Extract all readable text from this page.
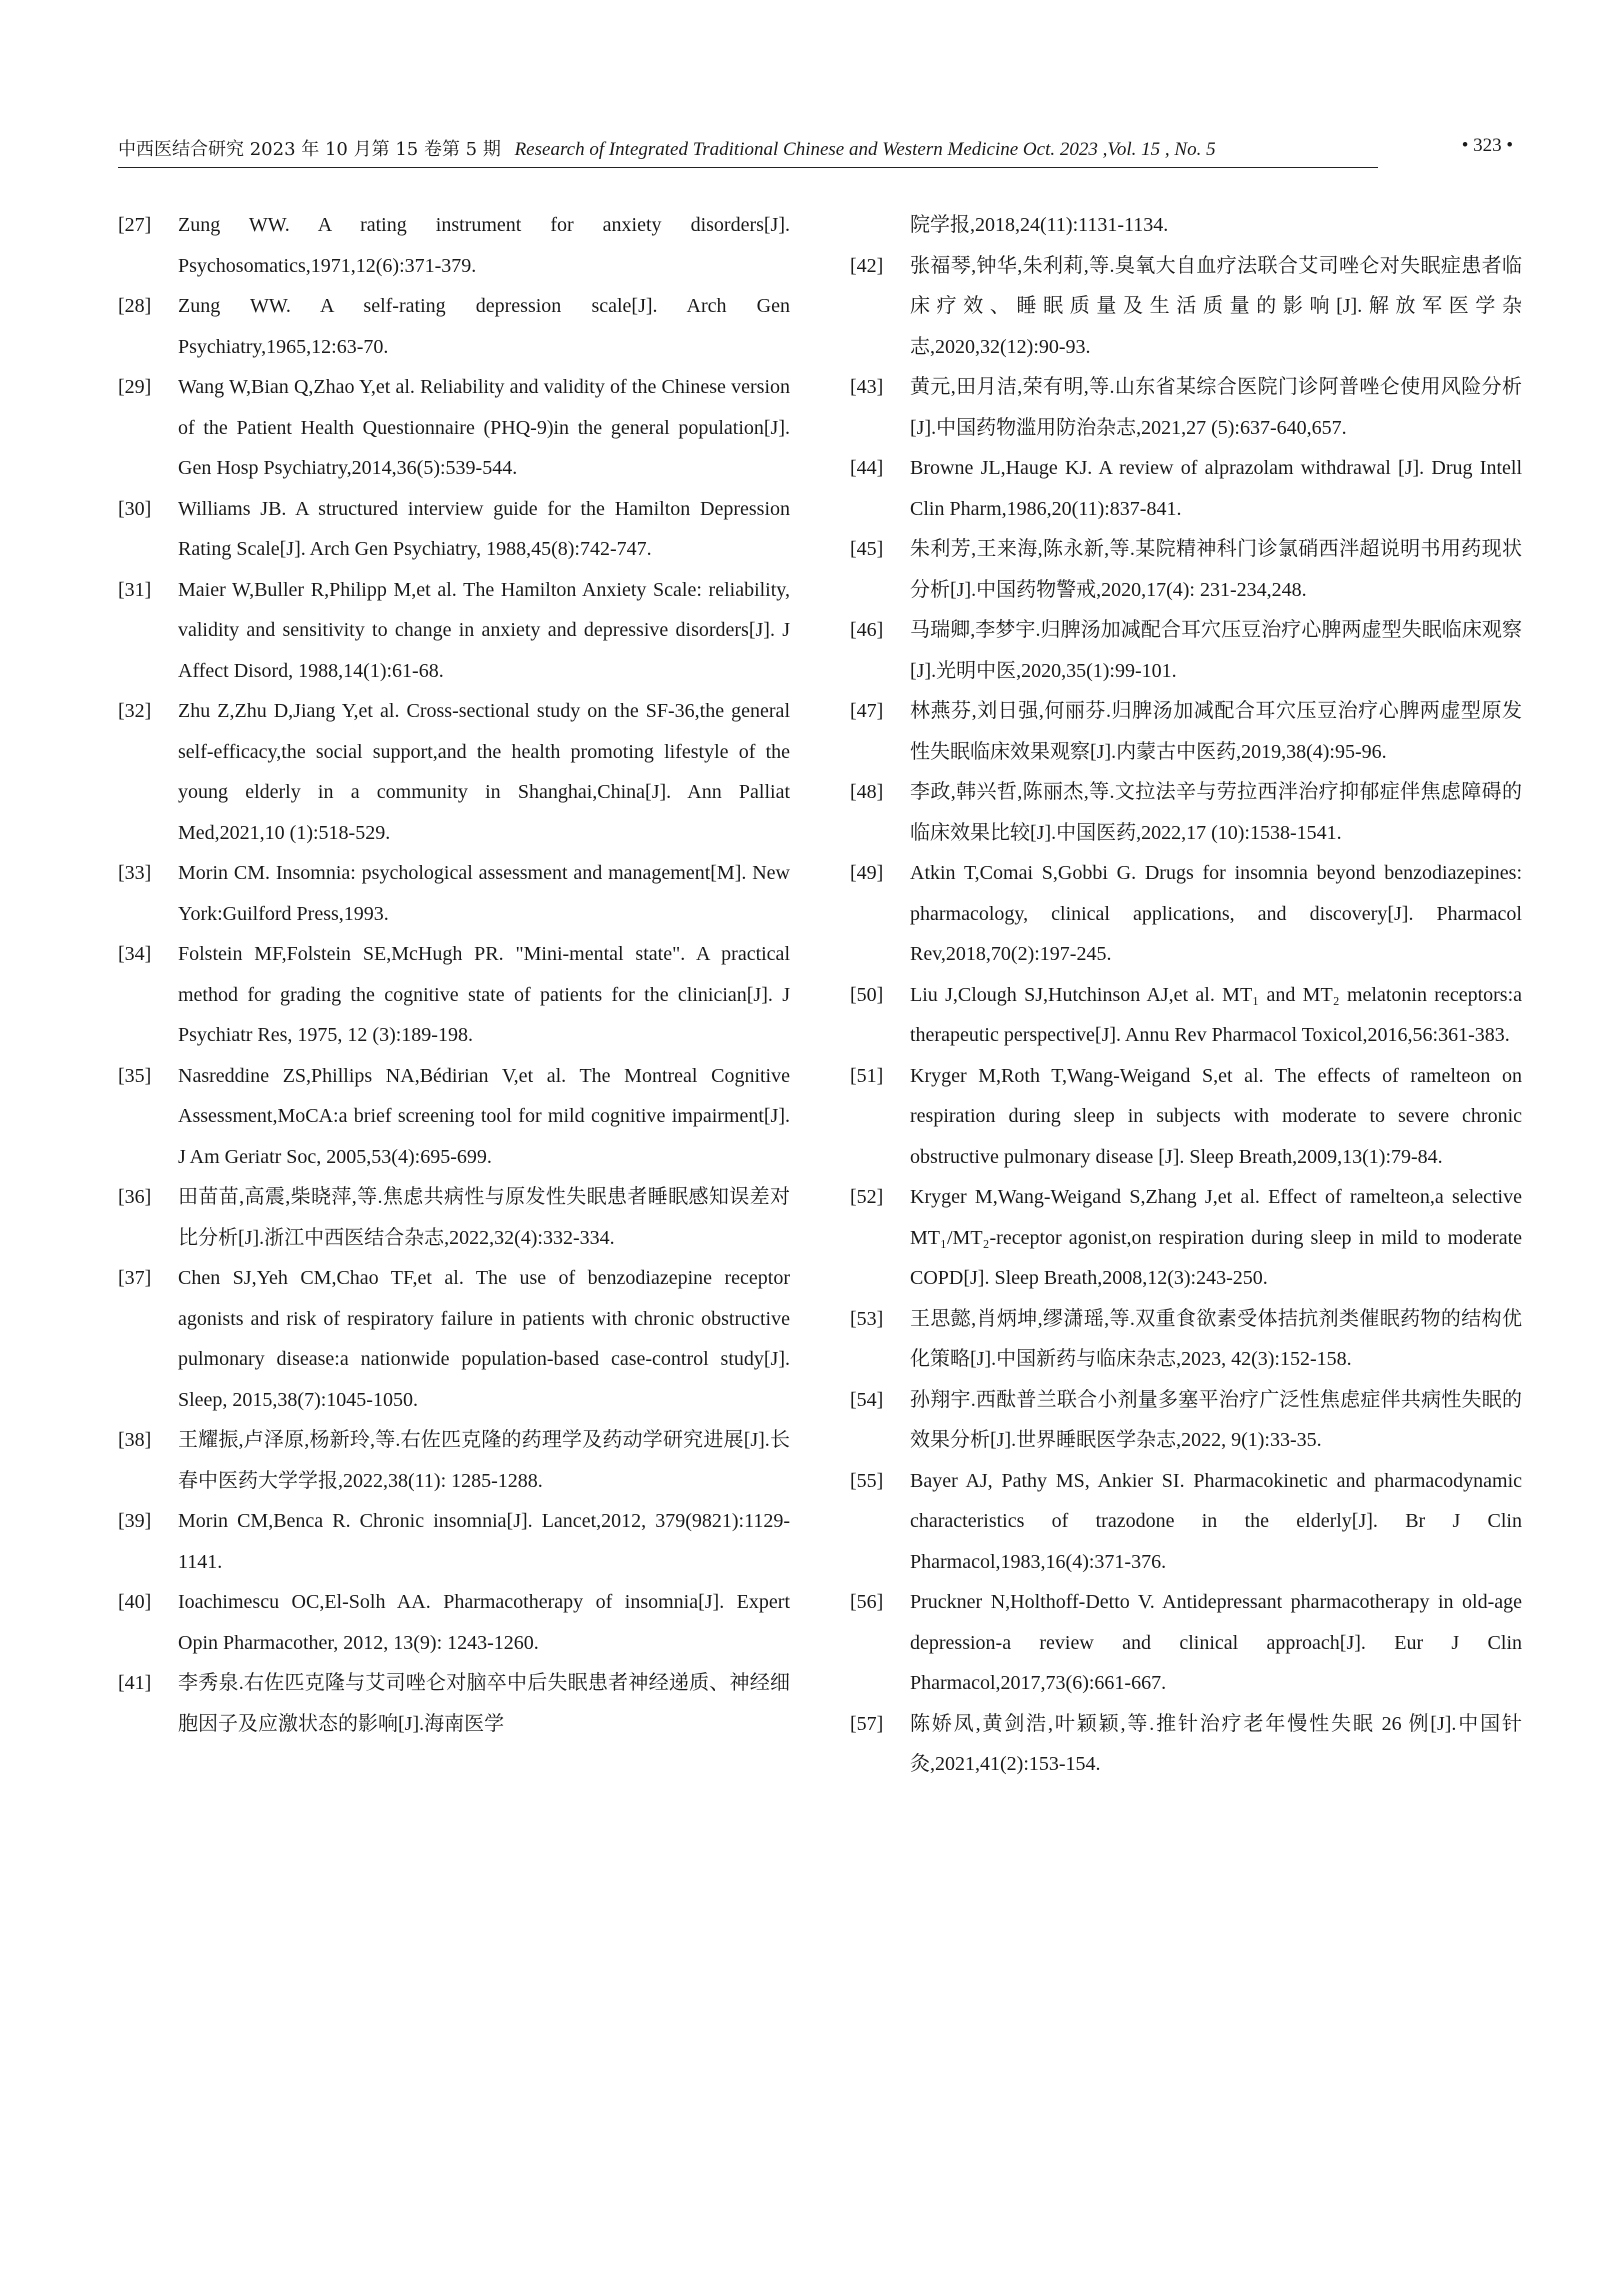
中西医结合研究 2023 年 10 月第 15 卷第 5 期 Research of Integrated Traditional Chinese and Western Medicine Oct. 2023 ,Vol. 15 , No. 5	• 323 •
[27] Zung WW. A rating instrument for anxiety disorders[J]. Psychosomatics,1971,12(6):371-379.
[28] Zung WW. A self-rating depression scale[J]. Arch Gen Psychiatry,1965,12:63-70.
[29] Wang W,Bian Q,Zhao Y,et al. Reliability and validity of the Chinese version of the Patient Health Questionnaire (PHQ-9)in the general population[J]. Gen Hosp Psychiatry,2014,36(5):539-544.
[30] Williams JB. A structured interview guide for the Hamilton Depression Rating Scale[J]. Arch Gen Psychiatry, 1988,45(8):742-747.
[31] Maier W,Buller R,Philipp M,et al. The Hamilton Anxiety Scale: reliability, validity and sensitivity to change in anxiety and depressive disorders[J]. J Affect Disord, 1988,14(1):61-68.
[32] Zhu Z,Zhu D,Jiang Y,et al. Cross-sectional study on the SF-36,the general self-efficacy,the social support,and the health promoting lifestyle of the young elderly in a community in Shanghai,China[J]. Ann Palliat Med,2021,10 (1):518-529.
[33] Morin CM. Insomnia: psychological assessment and management[M]. New York:Guilford Press,1993.
[34] Folstein MF,Folstein SE,McHugh PR. "Mini-mental state". A practical method for grading the cognitive state of patients for the clinician[J]. J Psychiatr Res, 1975, 12 (3):189-198.
[35] Nasreddine ZS,Phillips NA,Bédirian V,et al. The Montreal Cognitive Assessment,MoCA:a brief screening tool for mild cognitive impairment[J]. J Am Geriatr Soc, 2005,53(4):695-699.
[36] 田苗苗,高震,柴晓萍,等.焦虑共病性与原发性失眠患者睡眠感知误差对比分析[J].浙江中西医结合杂志,2022,32(4):332-334.
[37] Chen SJ,Yeh CM,Chao TF,et al. The use of benzodiazepine receptor agonists and risk of respiratory failure in patients with chronic obstructive pulmonary disease:a nationwide population-based case-control study[J]. Sleep, 2015,38(7):1045-1050.
[38] 王耀振,卢泽原,杨新玲,等.右佐匹克隆的药理学及药动学研究进展[J].长春中医药大学学报,2022,38(11): 1285-1288.
[39] Morin CM,Benca R. Chronic insomnia[J]. Lancet,2012, 379(9821):1129-1141.
[40] Ioachimescu OC,El-Solh AA. Pharmacotherapy of insomnia[J]. Expert Opin Pharmacother, 2012, 13(9): 1243-1260.
[41] 李秀泉.右佐匹克隆与艾司唑仑对脑卒中后失眠患者神经递质、神经细胞因子及应激状态的影响[J].海南医学
院学报,2018,24(11):1131-1134.
[42] 张福琴,钟华,朱利莉,等.臭氧大自血疗法联合艾司唑仑对失眠症患者临床疗效、睡眠质量及生活质量的影响[J].解放军医学杂志,2020,32(12):90-93.
[43] 黄元,田月洁,荣有明,等.山东省某综合医院门诊阿普唑仑使用风险分析[J].中国药物滥用防治杂志,2021,27 (5):637-640,657.
[44] Browne JL,Hauge KJ. A review of alprazolam withdrawal [J]. Drug Intell Clin Pharm,1986,20(11):837-841.
[45] 朱利芳,王来海,陈永新,等.某院精神科门诊氯硝西泮超说明书用药现状分析[J].中国药物警戒,2020,17(4): 231-234,248.
[46] 马瑞卿,李梦宇.归脾汤加减配合耳穴压豆治疗心脾两虚型失眠临床观察[J].光明中医,2020,35(1):99-101.
[47] 林燕芬,刘日强,何丽芬.归脾汤加减配合耳穴压豆治疗心脾两虚型原发性失眠临床效果观察[J].内蒙古中医药,2019,38(4):95-96.
[48] 李政,韩兴哲,陈丽杰,等.文拉法辛与劳拉西泮治疗抑郁症伴焦虑障碍的临床效果比较[J].中国医药,2022,17 (10):1538-1541.
[49] Atkin T,Comai S,Gobbi G. Drugs for insomnia beyond benzodiazepines: pharmacology, clinical applications, and discovery[J]. Pharmacol Rev,2018,70(2):197-245.
[50] Liu J,Clough SJ,Hutchinson AJ,et al. MT₁ and MT₂ melatonin receptors:a therapeutic perspective[J]. Annu Rev Pharmacol Toxicol,2016,56:361-383.
[51] Kryger M,Roth T,Wang-Weigand S,et al. The effects of ramelteon on respiration during sleep in subjects with moderate to severe chronic obstructive pulmonary disease [J]. Sleep Breath,2009,13(1):79-84.
[52] Kryger M,Wang-Weigand S,Zhang J,et al. Effect of ramelteon,a selective MT₁/MT₂-receptor agonist,on respiration during sleep in mild to moderate COPD[J]. Sleep Breath,2008,12(3):243-250.
[53] 王思懿,肖炳坤,缪潇瑶,等.双重食欲素受体拮抗剂类催眠药物的结构优化策略[J].中国新药与临床杂志,2023, 42(3):152-158.
[54] 孙翔宇.西酞普兰联合小剂量多塞平治疗广泛性焦虑症伴共病性失眠的效果分析[J].世界睡眠医学杂志,2022, 9(1):33-35.
[55] Bayer AJ, Pathy MS, Ankier SI. Pharmacokinetic and pharmacodynamic characteristics of trazodone in the elderly[J]. Br J Clin Pharmacol,1983,16(4):371-376.
[56] Pruckner N,Holthoff-Detto V. Antidepressant pharmacotherapy in old-age depression-a review and clinical approach[J]. Eur J Clin Pharmacol,2017,73(6):661-667.
[57] 陈娇凤,黄剑浩,叶颖颖,等.推针治疗老年慢性失眠 26 例[J].中国针灸,2021,41(2):153-154.
